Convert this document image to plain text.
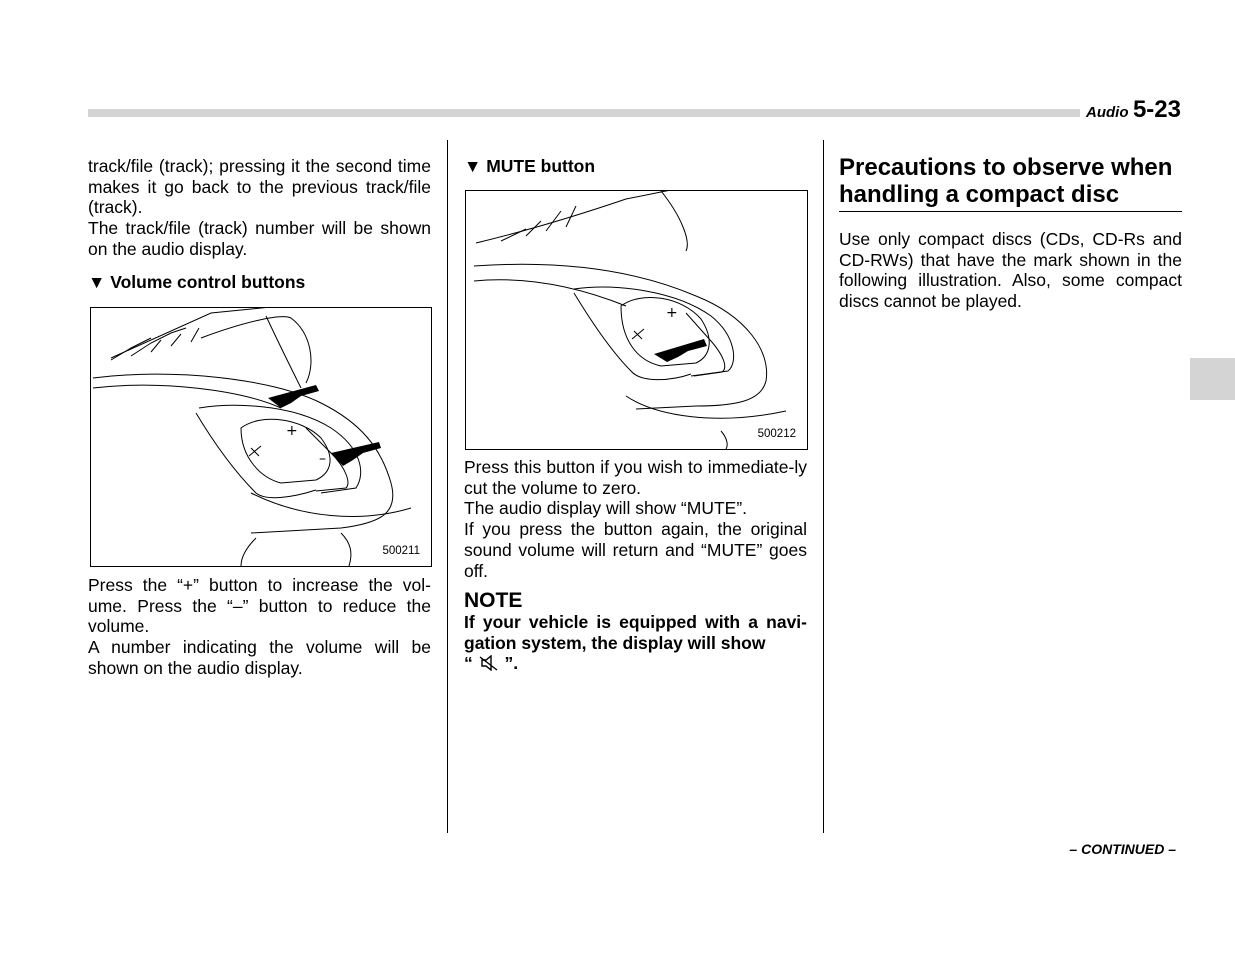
Audio 5-23

track/file (track); pressing it the second time makes it go back to the previous track/file (track).

The track/file (track) number will be shown on the audio display.

▼ Volume control buttons
+
–
500211

Press the “+” button to increase the vol-ume. Press the “–” button to reduce the volume.

A number indicating the volume will be shown on the audio display.

▼ MUTE button
+
–
500212

Press this button if you wish to immediate-ly cut the volume to zero.

The audio display will show “MUTE”.

If you press the button again, the original sound volume will return and “MUTE” goes off.

NOTE

If your vehicle is equipped with a navi-gation system, the display will show
“ ”.

Precautions to observe when handling a compact disc

Use only compact discs (CDs, CD-Rs and CD-RWs) that have the mark shown in the following illustration. Also, some compact discs cannot be played.

– CONTINUED –
